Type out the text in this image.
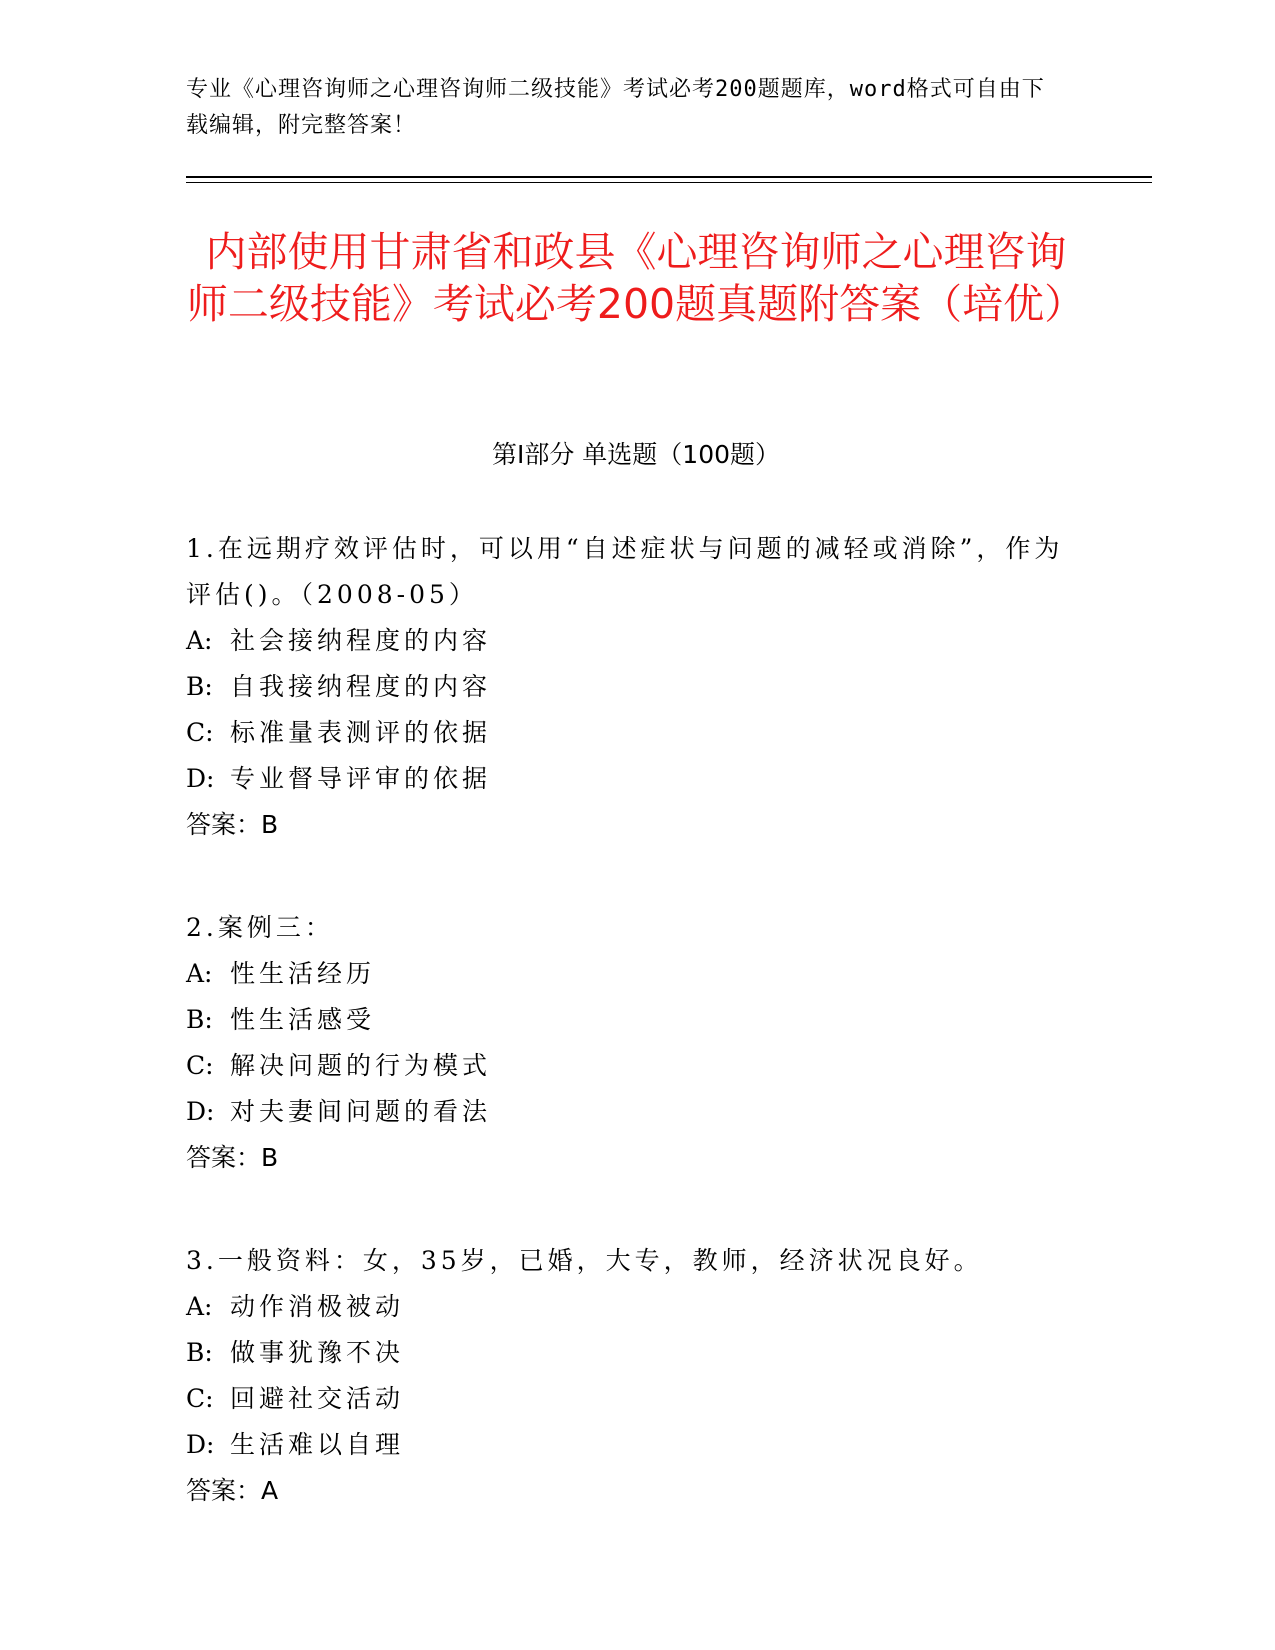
专业《心理咨询师之心理咨询师二级技能》考试必考200题题库，word格式可自由下载编辑，附完整答案！
内部使用甘肃省和政县《心理咨询师之心理咨询师二级技能》考试必考200题真题附答案（培优）
第I部分 单选题（100题）
1.在远期疗效评估时，可以用“自述症状与问题的减轻或消除”，作为评估()。（2008-05）
A: 社会接纳程度的内容
B: 自我接纳程度的内容
C: 标准量表测评的依据
D: 专业督导评审的依据
答案：B
2.案例三：
A: 性生活经历
B: 性生活感受
C: 解决问题的行为模式
D: 对夫妻间问题的看法
答案：B
3.一般资料：女，35岁，已婚，大专，教师，经济状况良好。
A: 动作消极被动
B: 做事犹豫不决
C: 回避社交活动
D: 生活难以自理
答案：A
